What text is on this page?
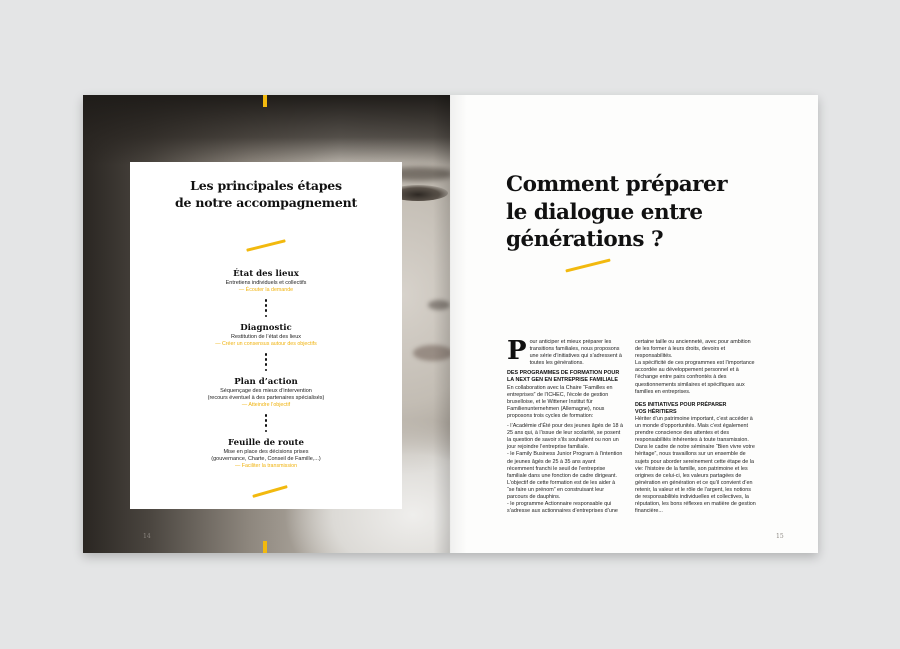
Les principales étapes
de notre accompagnement
État des lieux
Entretiens individuels et collectifs
— Écouter la demande
Diagnostic
Restitution de l’état des lieux
— Créer un consensus autour des objectifs
Plan d’action
Séquençage des mieux d’intervention
(recours éventuel à des partenaires spécialisés)
— Atteindre l’objectif
Feuille de route
Mise en place des décisions prises
(gouvernance, Charte, Conseil de Famille,...)
— Faciliter la transmission
14
Comment préparer
le dialogue entre
générations ?

Pour anticiper et mieux préparer les transitions familiales, nous proposons une série d’initiatives qui s’adressent à toutes les générations.

DES PROGRAMMES DE FORMATION POUR
LA NEXT GEN EN ENTREPRISE FAMILIALE

En collaboration avec la Chaire “Familles en entreprises” de l’ICHEC, l’école de gestion bruxelloise, et le Wittener Institut für Familienunternehmen (Allemagne), nous proposons trois cycles de formation:

- l’Académie d’Été pour des jeunes âgés de 18 à 25 ans qui, à l’issue de leur scolarité, se posent la question de savoir s’ils souhaitent ou non un jour rejoindre l’entreprise familiale.

- le Family Business Junior Program à l’intention de jeunes âgés de 25 à 35 ans ayant récemment franchi le seuil de l’entreprise familiale dans une fonction de cadre dirigeant. L’objectif de cette formation est de les aider à “se faire un prénom” en construisant leur parcours de dauphins.

- le programme Actionnaire responsable qui s’adresse aux actionnaires d’entreprises d’une

certaine taille ou ancienneté, avec pour ambition de les former à leurs droits, devoirs et responsabilités.

La spécificité de ces programmes est l’importance accordée au développement personnel et à l’échange entre pairs confrontés à des questionnements similaires et spécifiques aux familles en entreprises.

DES INITIATIVES POUR PRÉPARER
VOS HÉRITIERS

Hériter d’un patrimoine important, c’est accéder à un monde d’opportunités. Mais c’est également prendre conscience des attentes et des responsabilités inhérentes à toute transmission.

Dans le cadre de notre séminaire “Bien vivre votre héritage”, nous travaillons sur un ensemble de sujets pour aborder sereinement cette étape de la vie: l’histoire de la famille, son patrimoine et les origines de celui-ci, les valeurs partagées de génération en génération et ce qu’il convient d’en retenir, la valeur et le rôle de l’argent, les notions de responsabilités individuelles et collectives, la réputation, les bons réflexes en matière de gestion financière...

15
